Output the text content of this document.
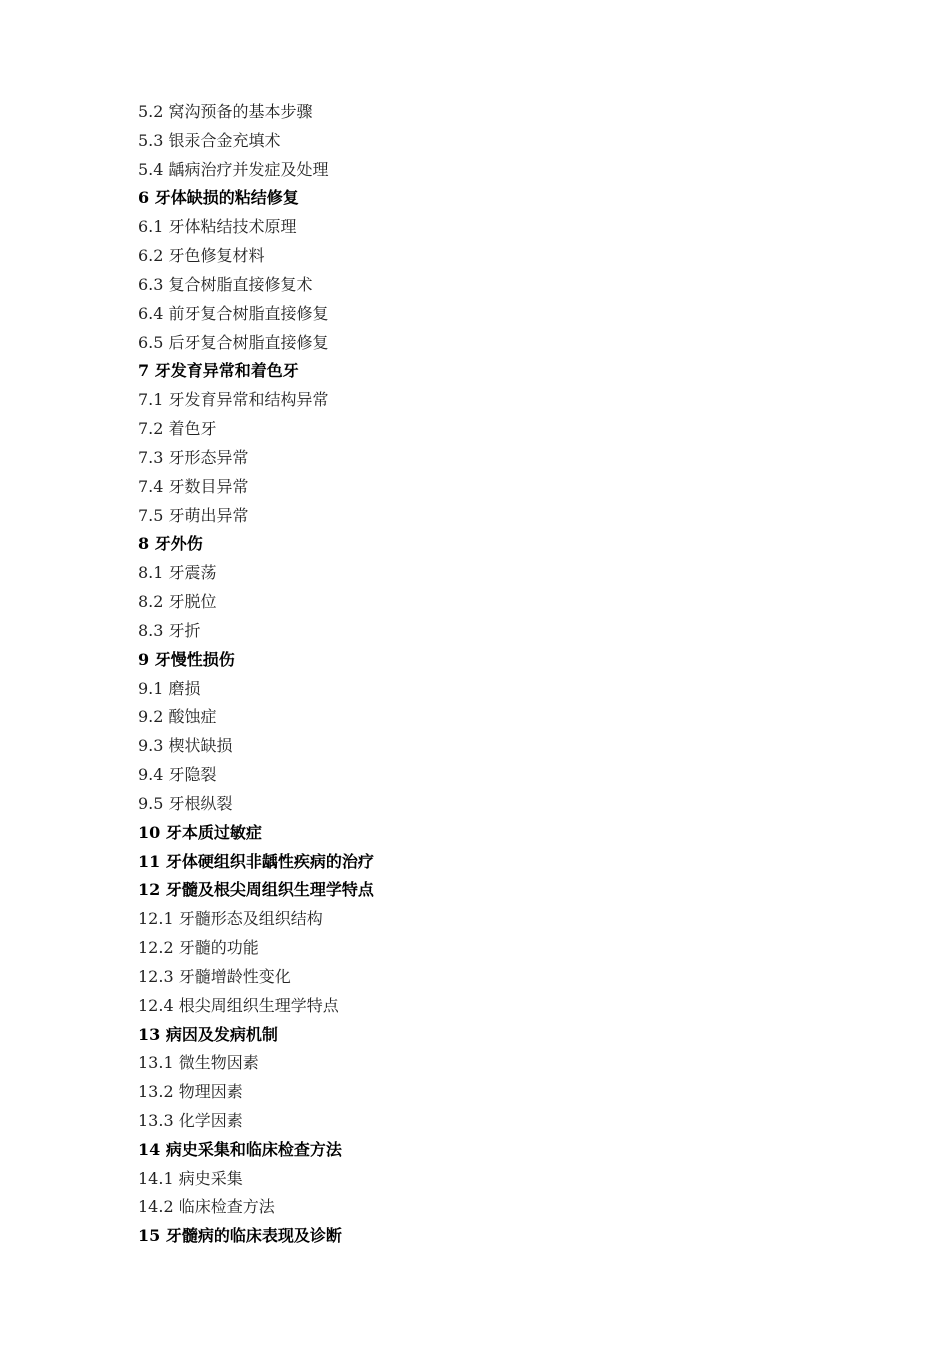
5.2 窝沟预备的基本步骤
5.3 银汞合金充填术
5.4 龋病治疗并发症及处理
6 牙体缺损的粘结修复
6.1 牙体粘结技术原理
6.2 牙色修复材料
6.3 复合树脂直接修复术
6.4 前牙复合树脂直接修复
6.5 后牙复合树脂直接修复
7 牙发育异常和着色牙
7.1 牙发育异常和结构异常
7.2 着色牙
7.3 牙形态异常
7.4 牙数目异常
7.5 牙萌出异常
8 牙外伤
8.1 牙震荡
8.2 牙脱位
8.3 牙折
9 牙慢性损伤
9.1 磨损
9.2 酸蚀症
9.3 楔状缺损
9.4 牙隐裂
9.5 牙根纵裂
10 牙本质过敏症
11 牙体硬组织非龋性疾病的治疗
12 牙髓及根尖周组织生理学特点
12.1 牙髓形态及组织结构
12.2 牙髓的功能
12.3 牙髓增龄性变化
12.4 根尖周组织生理学特点
13 病因及发病机制
13.1 微生物因素
13.2 物理因素
13.3 化学因素
14 病史采集和临床检查方法
14.1 病史采集
14.2 临床检查方法
15 牙髓病的临床表现及诊断
